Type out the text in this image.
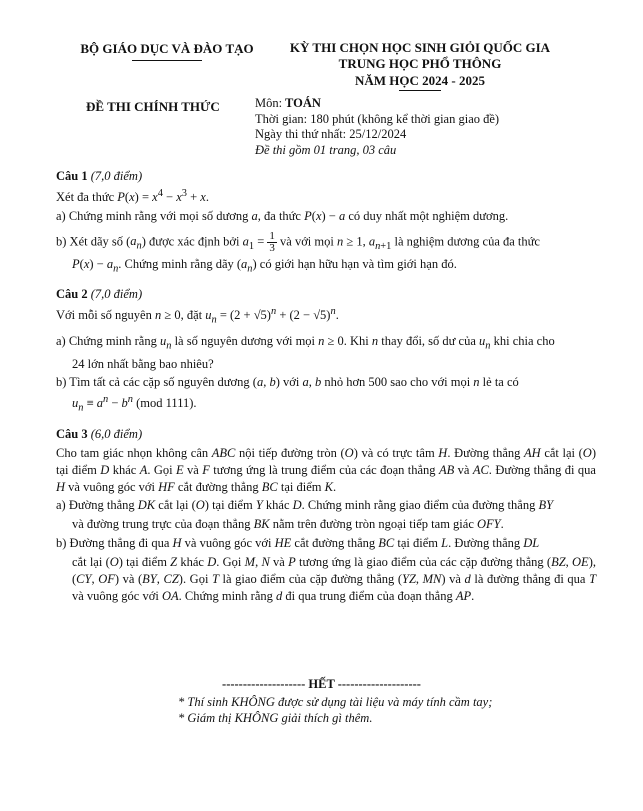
BỘ GIÁO DỤC VÀ ĐÀO TẠO	KỲ THI CHỌN HỌC SINH GIỎI QUỐC GIA
TRUNG HỌC PHỔ THÔNG
NĂM HỌC 2024 - 2025
ĐỀ THI CHÍNH THỨC	Môn: TOÁN
Thời gian: 180 phút (không kể thời gian giao đề)
Ngày thi thứ nhất: 25/12/2024
Đề thi gồm 01 trang, 03 câu
Câu 1 (7,0 điểm)

Xét đa thức $P(x) = x^4 - x^3 + x$.

a) Chứng minh rằng với mọi số dương a, đa thức P(x) − a có duy nhất một nghiệm dương.

b) Xét dãy số $(a_n)$ được xác định bởi $a_1 = \frac{1}{3}$ và với mọi n ≥ 1, $a_{n+1}$ là nghiệm dương của đa thức

$P(x) - a_n$. Chứng minh rằng dãy $(a_n)$ có giới hạn hữu hạn và tìm giới hạn đó.

Câu 2 (7,0 điểm)

Với mỗi số nguyên n ≥ 0, đặt $u_n = (2 + √5)^n + (2 - √5)^n$.

a) Chứng minh rằng $u_n$ là số nguyên dương với mọi n ≥ 0. Khi n thay đổi, số dư của $u_n$ khi chia cho

24 lớn nhất bằng bao nhiêu?

b) Tìm tất cả các cặp số nguyên dương (a, b) với a, b nhỏ hơn 500 sao cho với mọi n lẻ ta có

$u_n \equiv a^n - b^n$ (mod 1111).

Câu 3 (6,0 điểm)

Cho tam giác nhọn không cân ABC nội tiếp đường tròn (O) và có trực tâm H. Đường thẳng AH cắt lại (O) tại điểm D khác A. Gọi E và F tương ứng là trung điểm của các đoạn thẳng AB và AC. Đường thẳng đi qua H và vuông góc với HF cắt đường thẳng BC tại điểm K.

a) Đường thẳng DK cắt lại (O) tại điểm Y khác D. Chứng minh rằng giao điểm của đường thẳng BY

và đường trung trực của đoạn thẳng BK nằm trên đường tròn ngoại tiếp tam giác OFY.

b) Đường thẳng đi qua H và vuông góc với HE cắt đường thẳng BC tại điểm L. Đường thẳng DL

cắt lại (O) tại điểm Z khác D. Gọi M, N và P tương ứng là giao điểm của các cặp đường thẳng (BZ, OE), (CY, OF) và (BY, CZ). Gọi T là giao điểm của cặp đường thẳng (YZ, MN) và d là đường thẳng đi qua T và vuông góc với OA. Chứng minh rằng d đi qua trung điểm của đoạn thẳng AP.

-------------------- HẾT --------------------
* Thí sinh KHÔNG được sử dụng tài liệu và máy tính cầm tay;
* Giám thị KHÔNG giải thích gì thêm.
